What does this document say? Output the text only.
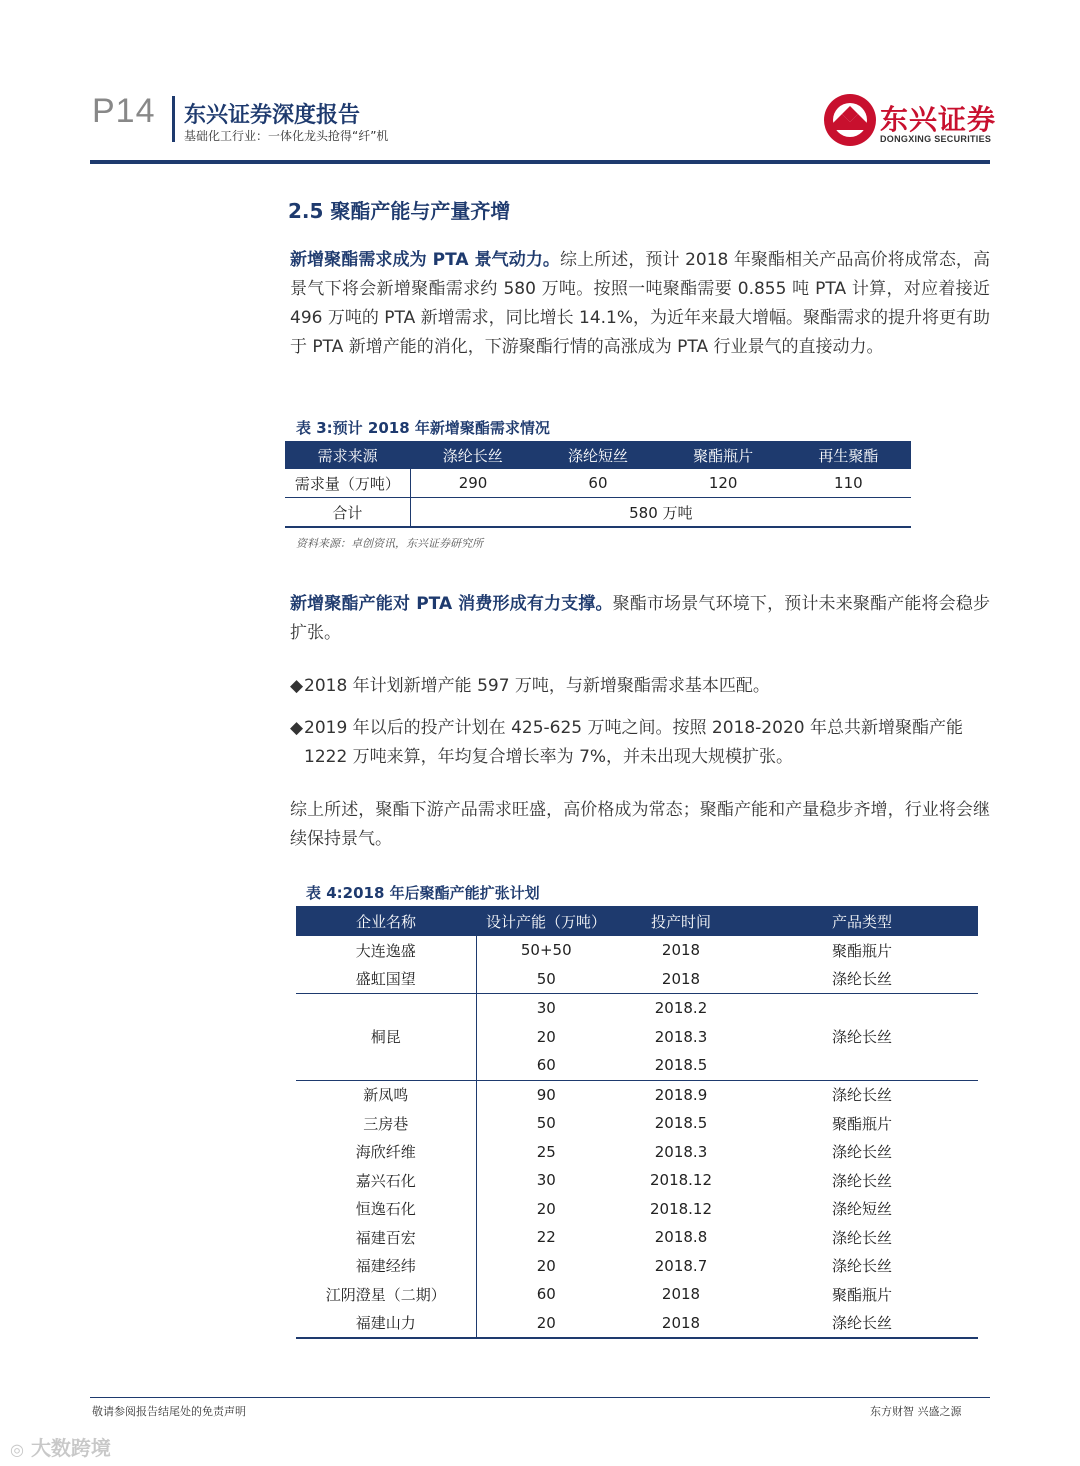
P14 东兴证券深度报告
基础化工行业：一体化龙头抢得“纤”机	东兴证券
DONGXING SECURITIES
2.5 聚酯产能与产量齐增
新增聚酯需求成为 PTA 景气动力。综上所述，预计 2018 年聚酯相关产品高价将成常态，高景气下将会新增聚酯需求约 580 万吨。按照一吨聚酯需要 0.855 吨 PTA 计算，对应着接近 496 万吨的 PTA 新增需求，同比增长 14.1%，为近年来最大增幅。聚酯需求的提升将更有助于 PTA 新增产能的消化，下游聚酯行情的高涨成为 PTA 行业景气的直接动力。
表 3:预计 2018 年新增聚酯需求情况
需求来源	涤纶长丝	涤纶短丝	聚酯瓶片	再生聚酯
需求量（万吨）	290	60	120	110
合计	580 万吨			
资料来源：卓创资讯，东兴证券研究所
新增聚酯产能对 PTA 消费形成有力支撑。聚酯市场景气环境下，预计未来聚酯产能将会稳步扩张。
◆2018 年计划新增产能 597 万吨，与新增聚酯需求基本匹配。
◆2019 年以后的投产计划在 425-625 万吨之间。按照 2018-2020 年总共新增聚酯产能 1222 万吨来算，年均复合增长率为 7%，并未出现大规模扩张。
综上所述，聚酯下游产品需求旺盛，高价格成为常态；聚酯产能和产量稳步齐增，行业将会继续保持景气。
表 4:2018 年后聚酯产能扩张计划
企业名称	设计产能（万吨）	投产时间	产品类型
大连逸盛	50+50	2018	聚酯瓶片
盛虹国望	50	2018	涤纶长丝
桐昆	30	2018.2	涤纶长丝
	20	2018.3	
	60	2018.5	
新凤鸣	90	2018.9	涤纶长丝
三房巷	50	2018.5	聚酯瓶片
海欣纤维	25	2018.3	涤纶长丝
嘉兴石化	30	2018.12	涤纶长丝
恒逸石化	20	2018.12	涤纶短丝
福建百宏	22	2018.8	涤纶长丝
福建经纬	20	2018.7	涤纶长丝
江阴澄星（二期）	60	2018	聚酯瓶片
福建山力	20	2018	涤纶长丝
敬请参阅报告结尾处的免责声明	东方财智 兴盛之源
◎ 大数跨境
